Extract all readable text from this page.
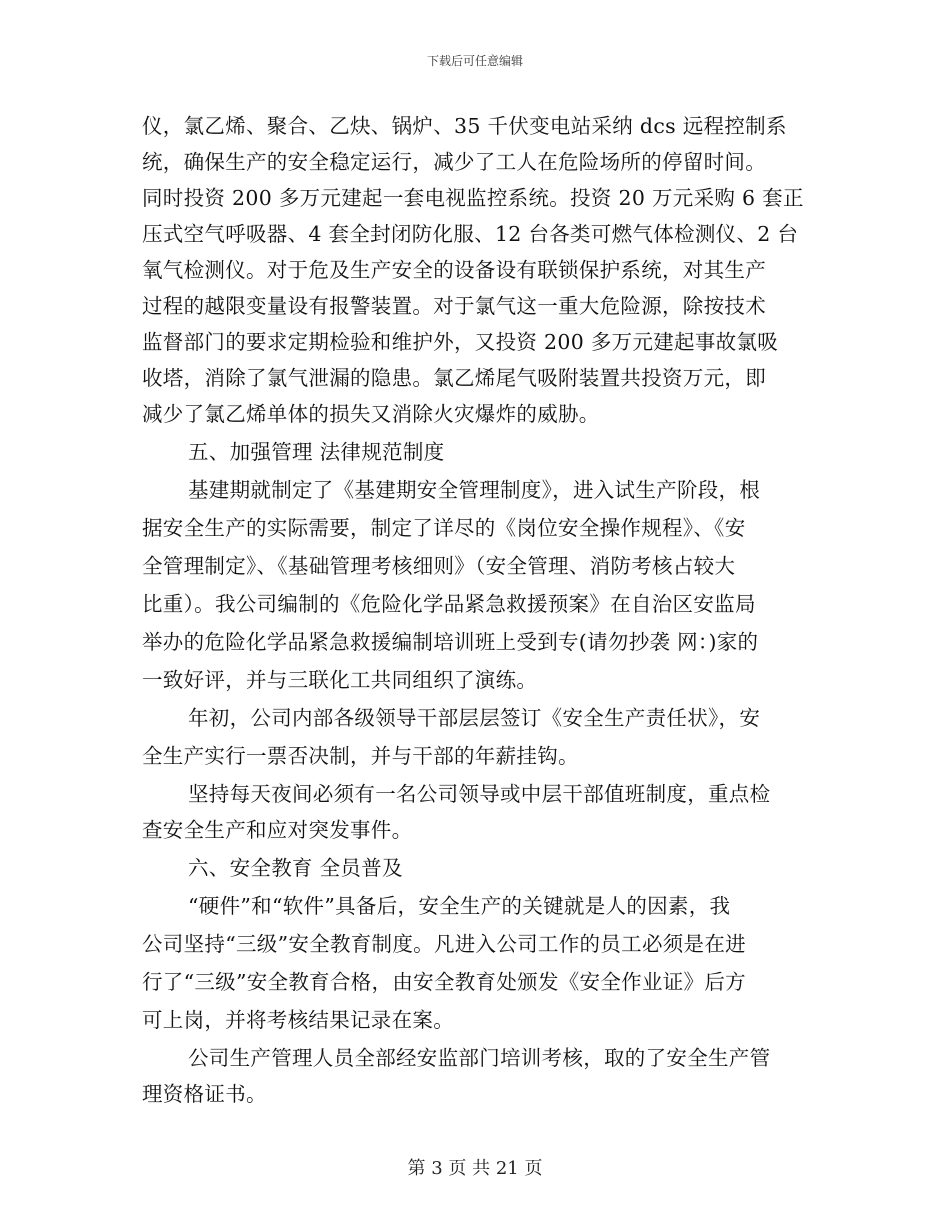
下载后可任意编辑
仪，氯乙烯、聚合、乙炔、锅炉、35 千伏变电站采纳 dcs 远程控制系
统，确保生产的安全稳定运行，减少了工人在危险场所的停留时间。
同时投资 200 多万元建起一套电视监控系统。投资 20 万元采购 6 套正
压式空气呼吸器、4 套全封闭防化服、12 台各类可燃气体检测仪、2 台
氧气检测仪。对于危及生产安全的设备设有联锁保护系统，对其生产
过程的越限变量设有报警装置。对于氯气这一重大危险源，除按技术
监督部门的要求定期检验和维护外，又投资 200 多万元建起事故氯吸
收塔，消除了氯气泄漏的隐患。氯乙烯尾气吸附装置共投资万元，即
减少了氯乙烯单体的损失又消除火灾爆炸的威胁。
五、加强管理 法律规范制度
基建期就制定了《基建期安全管理制度》，进入试生产阶段，根
据安全生产的实际需要，制定了详尽的《岗位安全操作规程》、《安
全管理制定》、《基础管理考核细则》（安全管理、消防考核占较大
比重）。我公司编制的《危险化学品紧急救援预案》在自治区安监局
举办的危险化学品紧急救援编制培训班上受到专(请勿抄袭 网：)家的
一致好评，并与三联化工共同组织了演练。
年初，公司内部各级领导干部层层签订《安全生产责任状》，安
全生产实行一票否决制，并与干部的年薪挂钩。
坚持每天夜间必须有一名公司领导或中层干部值班制度，重点检
查安全生产和应对突发事件。
六、安全教育 全员普及
“硬件”和“软件”具备后，安全生产的关键就是人的因素，我
公司坚持“三级”安全教育制度。凡进入公司工作的员工必须是在进
行了“三级”安全教育合格，由安全教育处颁发《安全作业证》后方
可上岗，并将考核结果记录在案。
公司生产管理人员全部经安监部门培训考核，取的了安全生产管
理资格证书。
第 3 页 共 21 页
